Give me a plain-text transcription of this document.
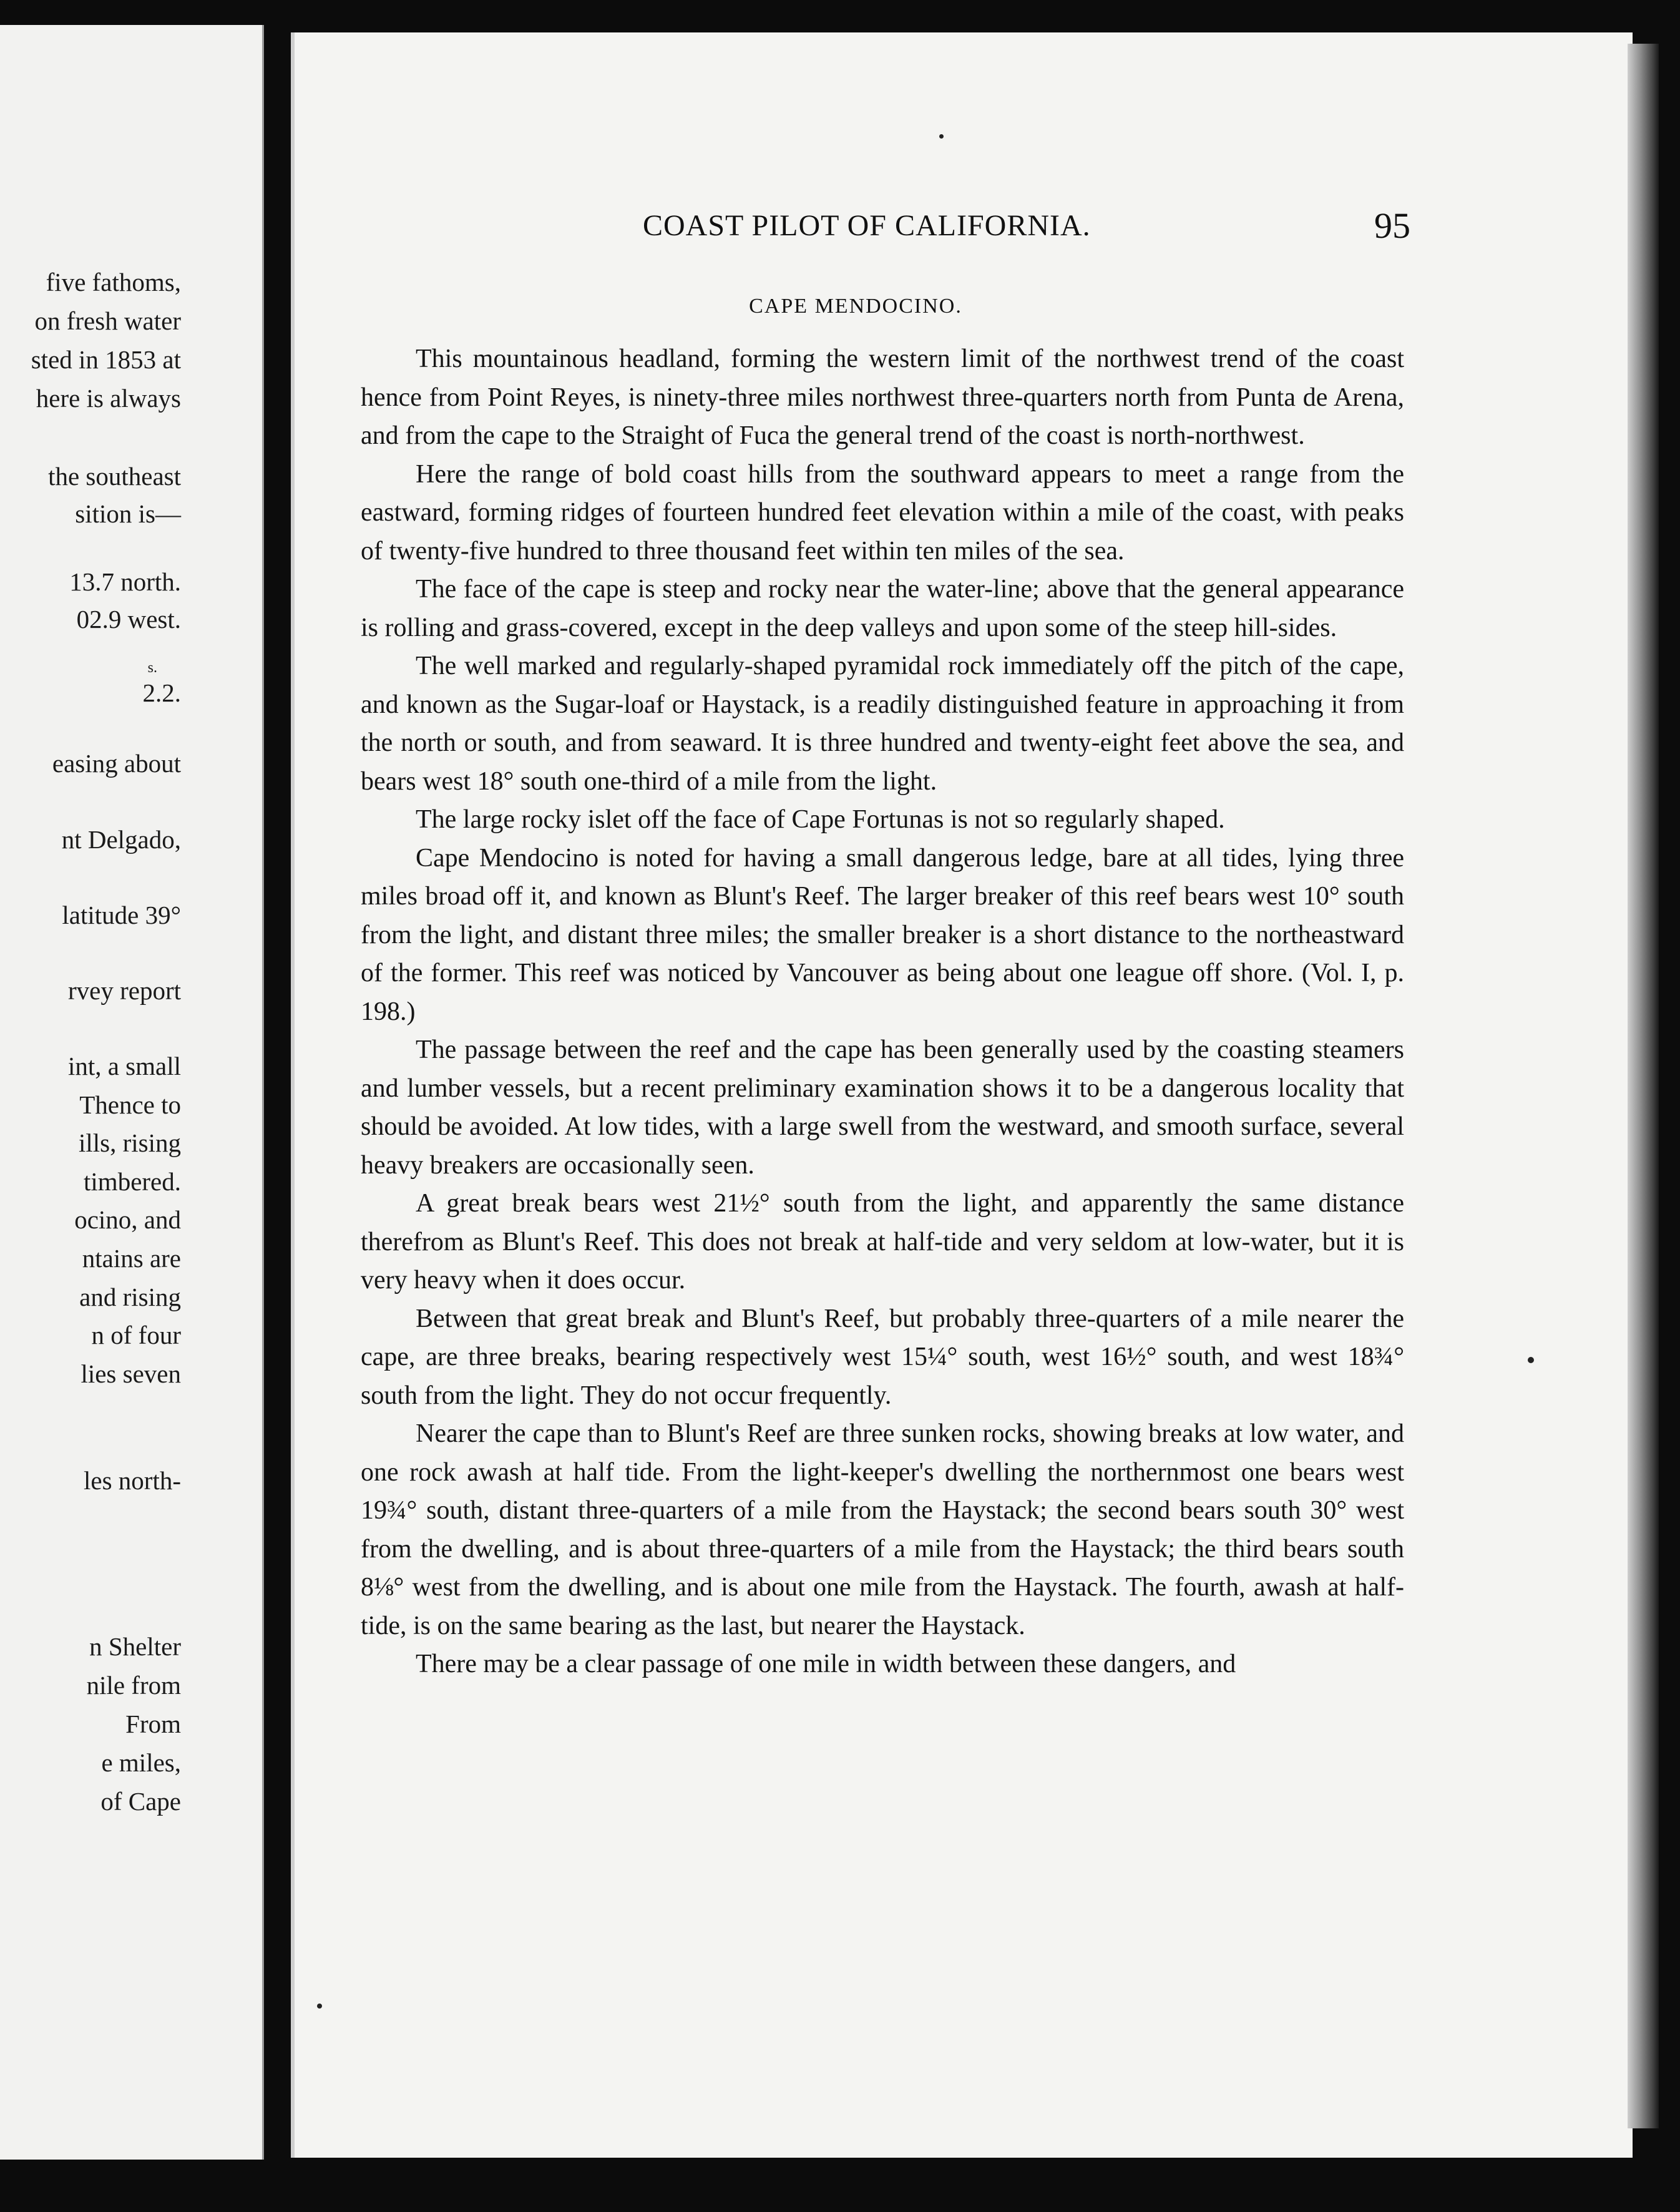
five fathoms,
on fresh water
sted in 1853 at
here is always
the southeast
sition is—
13.7 north.
02.9 west.
s.
2.2.
easing about
nt Delgado,
latitude 39°
rvey report
int, a small
Thence to
ills, rising
timbered.
ocino, and
ntains are
and rising
n of four
lies seven
les north-
n Shelter
nile from
From
e miles,
of Cape
COAST PILOT OF CALIFORNIA.	95
CAPE MENDOCINO.

This mountainous headland, forming the western limit of the northwest trend of the coast hence from Point Reyes, is ninety-three miles northwest three-quarters north from Punta de Arena, and from the cape to the Straight of Fuca the general trend of the coast is north-northwest.

Here the range of bold coast hills from the southward appears to meet a range from the eastward, forming ridges of fourteen hundred feet elevation within a mile of the coast, with peaks of twenty-five hundred to three thousand feet within ten miles of the sea.

The face of the cape is steep and rocky near the water-line; above that the general appearance is rolling and grass-covered, except in the deep valleys and upon some of the steep hill-sides.

The well marked and regularly-shaped pyramidal rock immediately off the pitch of the cape, and known as the Sugar-loaf or Haystack, is a readily distinguished feature in approaching it from the north or south, and from seaward. It is three hundred and twenty-eight feet above the sea, and bears west 18° south one-third of a mile from the light.

The large rocky islet off the face of Cape Fortunas is not so regularly shaped.

Cape Mendocino is noted for having a small dangerous ledge, bare at all tides, lying three miles broad off it, and known as Blunt's Reef. The larger breaker of this reef bears west 10° south from the light, and distant three miles; the smaller breaker is a short distance to the northeastward of the former. This reef was noticed by Vancouver as being about one league off shore. (Vol. I, p. 198.)

The passage between the reef and the cape has been generally used by the coasting steamers and lumber vessels, but a recent preliminary examination shows it to be a dangerous locality that should be avoided. At low tides, with a large swell from the westward, and smooth surface, several heavy breakers are occasionally seen.

A great break bears west 21½° south from the light, and apparently the same distance therefrom as Blunt's Reef. This does not break at half-tide and very seldom at low-water, but it is very heavy when it does occur.

Between that great break and Blunt's Reef, but probably three-quarters of a mile nearer the cape, are three breaks, bearing respectively west 15¼° south, west 16½° south, and west 18¾° south from the light. They do not occur frequently.

Nearer the cape than to Blunt's Reef are three sunken rocks, showing breaks at low water, and one rock awash at half tide. From the light-keeper's dwelling the northernmost one bears west 19¾° south, distant three-quarters of a mile from the Haystack; the second bears south 30° west from the dwelling, and is about three-quarters of a mile from the Haystack; the third bears south 8⅛° west from the dwelling, and is about one mile from the Haystack. The fourth, awash at half-tide, is on the same bearing as the last, but nearer the Haystack.

There may be a clear passage of one mile in width between these dangers, and
